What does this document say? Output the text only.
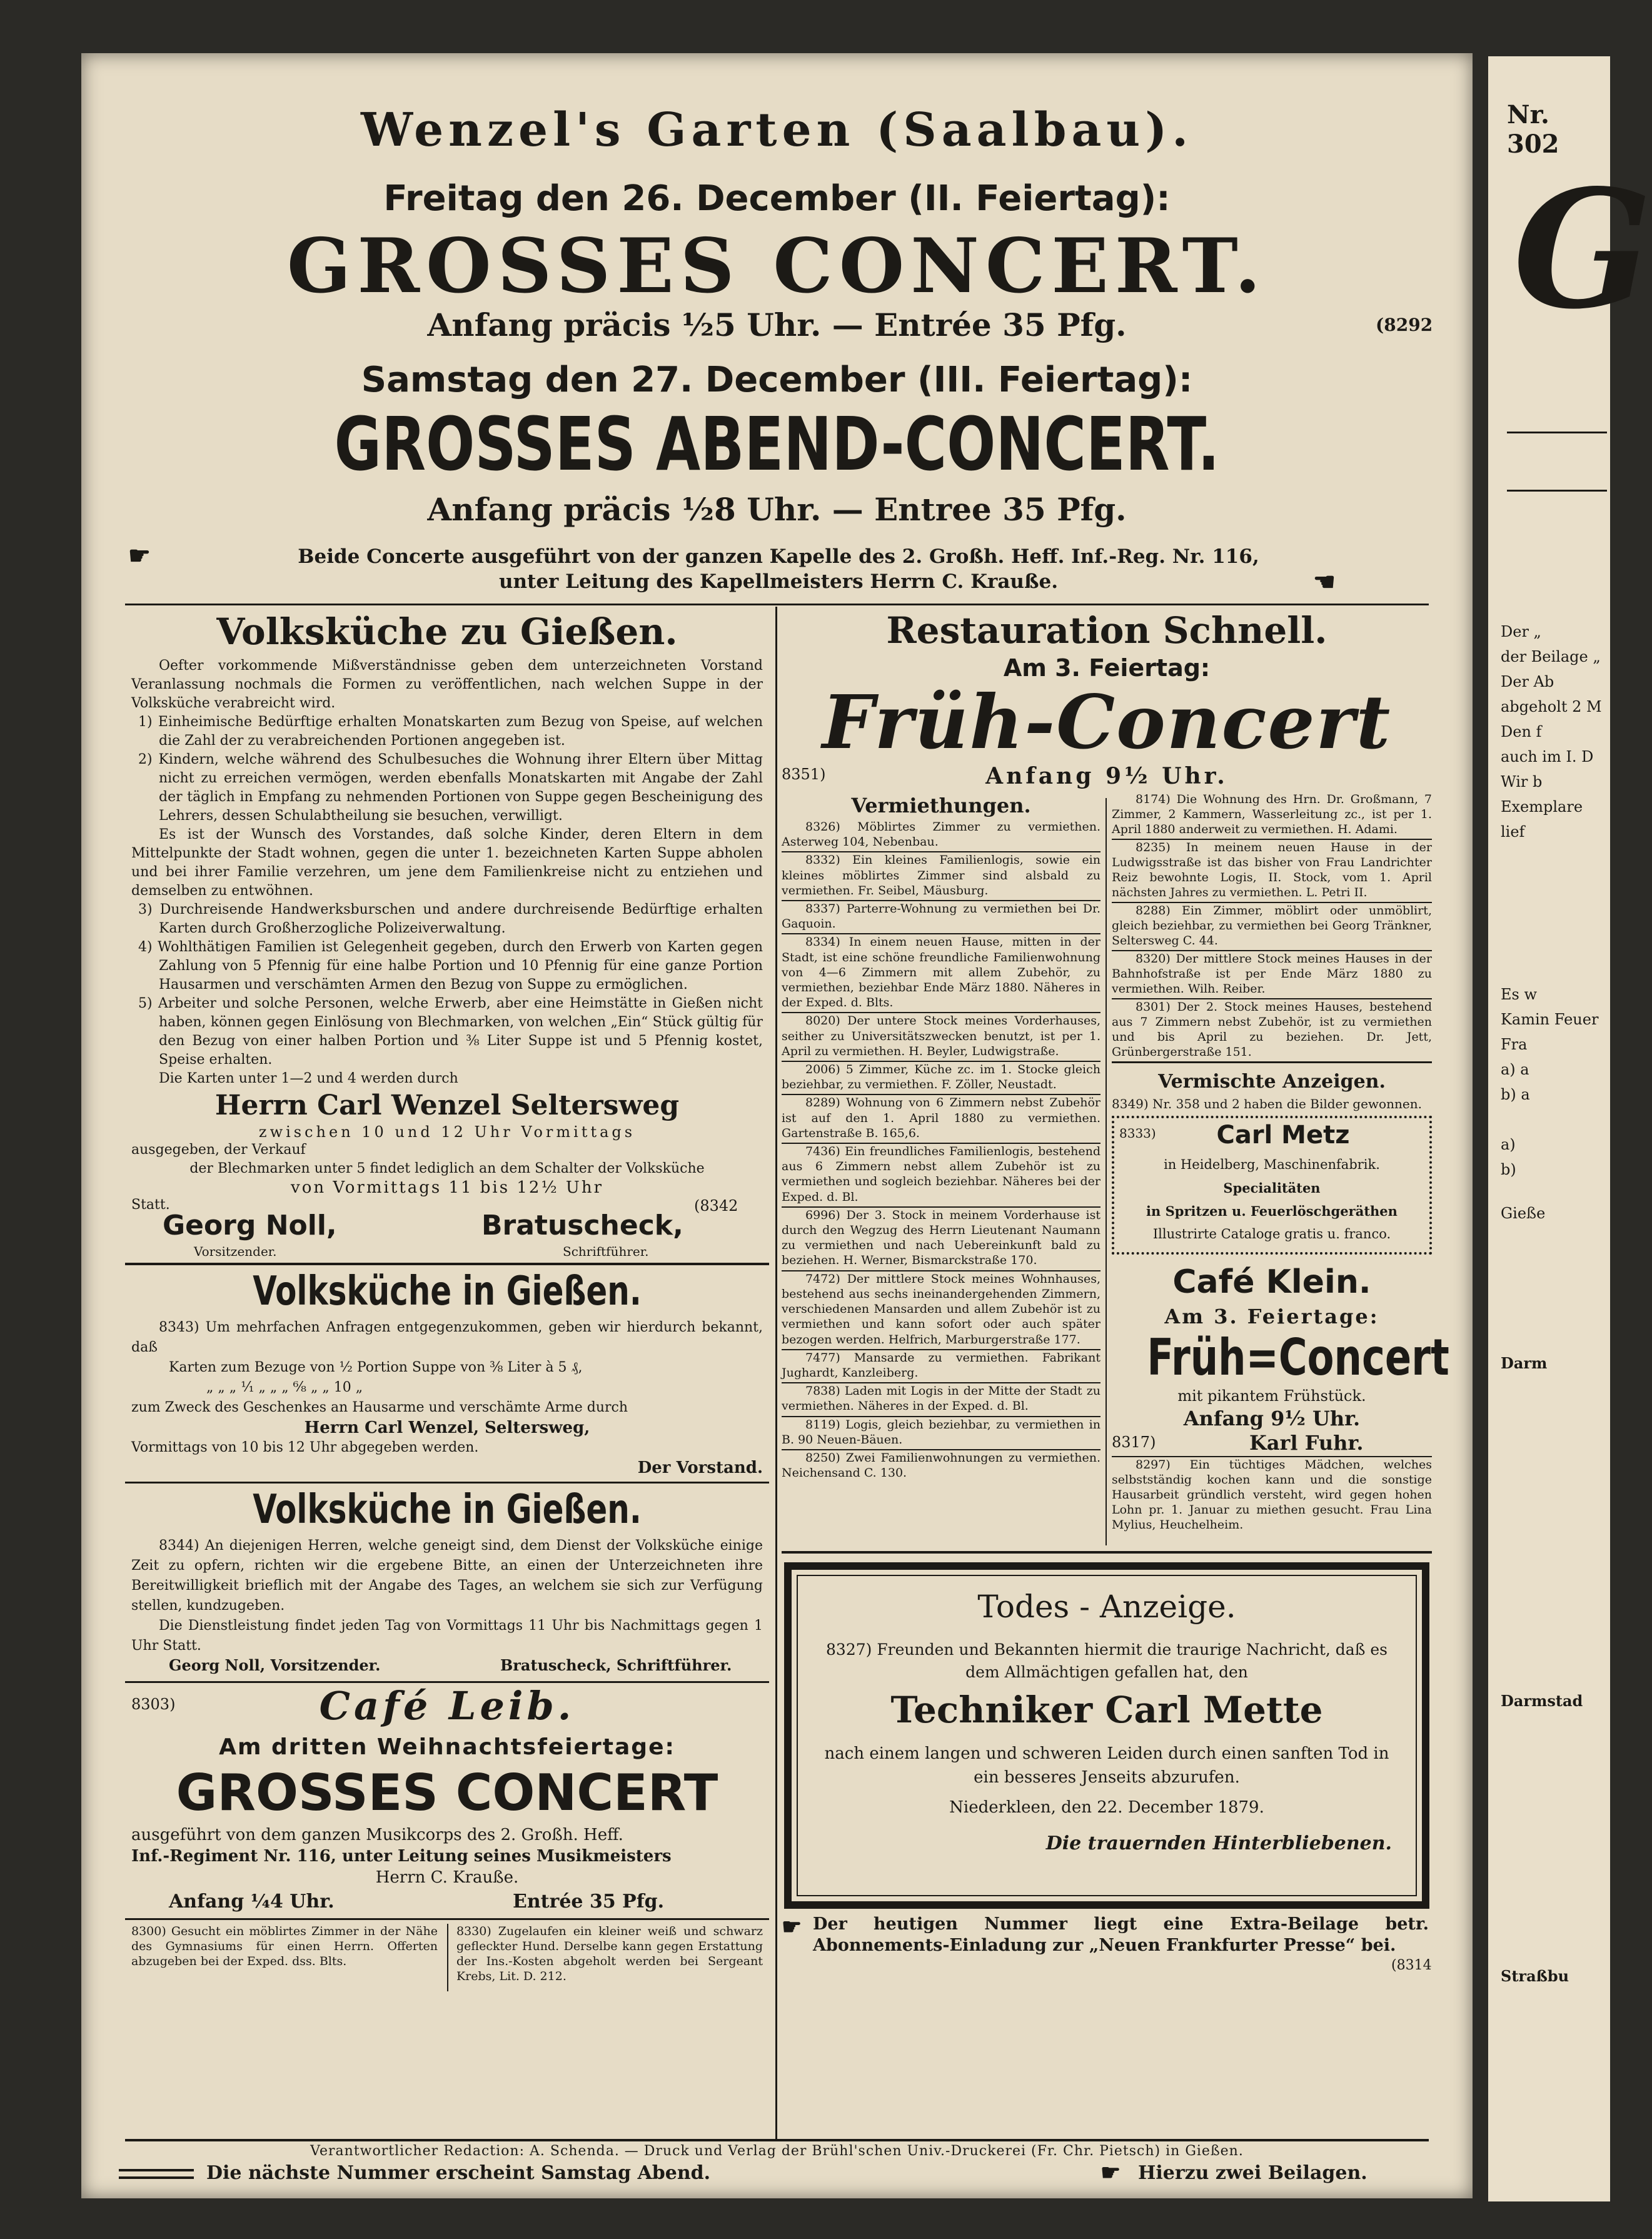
Nr. 302
G
Der „
der Beilage „
Der Ab
abgeholt 2 M
Den f
auch im I. D
Wir b
Exemplare lief
Es w
Kamin Feuer Fra
a) a
b) a
a)
b)
Gieße
Darm
Darmstad
Straßbu
Wenzel's Garten (Saalbau).
Freitag den 26. December (II. Feiertag):
GROSSES CONCERT.
Anfang präcis ½5 Uhr. — Entrée 35 Pfg.	(8292
Samstag den 27. December (III. Feiertag):
GROSSES ABEND-CONCERT.
Anfang präcis ½8 Uhr. — Entree 35 Pfg.
Beide Concerte ausgeführt von der ganzen Kapelle des 2. Großh. Heff. Inf.-Reg. Nr. 116,
unter Leitung des Kapellmeisters Herrn C. Krauße.
☛
☚
Volksküche zu Gießen.

Oefter vorkommende Mißverständnisse geben dem unterzeichneten Vorstand Veranlassung nochmals die Formen zu veröffentlichen, nach welchen Suppe in der Volksküche verabreicht wird.

1) Einheimische Bedürftige erhalten Monatskarten zum Bezug von Speise, auf welchen die Zahl der zu verabreichenden Portionen angegeben ist.

2) Kindern, welche während des Schulbesuches die Wohnung ihrer Eltern über Mittag nicht zu erreichen vermögen, werden ebenfalls Monatskarten mit Angabe der Zahl der täglich in Empfang zu nehmenden Portionen von Suppe gegen Bescheinigung des Lehrers, dessen Schulabtheilung sie besuchen, verwilligt.

Es ist der Wunsch des Vorstandes, daß solche Kinder, deren Eltern in dem Mittelpunkte der Stadt wohnen, gegen die unter 1. bezeichneten Karten Suppe abholen und bei ihrer Familie verzehren, um jene dem Familienkreise nicht zu entziehen und demselben zu entwöhnen.

3) Durchreisende Handwerksburschen und andere durchreisende Bedürftige erhalten Karten durch Großherzogliche Polizeiverwaltung.

4) Wohlthätigen Familien ist Gelegenheit gegeben, durch den Erwerb von Karten gegen Zahlung von 5 Pfennig für eine halbe Portion und 10 Pfennig für eine ganze Portion Hausarmen und verschämten Armen den Bezug von Suppe zu ermöglichen.

5) Arbeiter und solche Personen, welche Erwerb, aber eine Heimstätte in Gießen nicht haben, können gegen Einlösung von Blechmarken, von welchen „Ein“ Stück gültig für den Bezug von einer halben Portion und ⅜ Liter Suppe ist und 5 Pfennig kostet, Speise erhalten.

Die Karten unter 1—2 und 4 werden durch

Herrn Carl Wenzel Seltersweg
zwischen 10 und 12 Uhr Vormittags
ausgegeben, der Verkauf
der Blechmarken unter 5 findet lediglich an dem Schalter der Volksküche
von Vormittags 11 bis 12½ Uhr
Statt.	(8342
Georg Noll,
Vorsitzender.
Bratuscheck,
Schriftführer.
Volksküche in Gießen.

8343) Um mehrfachen Anfragen entgegenzukommen, geben wir hierdurch bekannt, daß

Karten zum Bezuge von ½ Portion Suppe von ⅜ Liter à 5 ₰,

„ „ „ ¹⁄₁ „ „ „ ⁶⁄₈ „ „ 10 „

zum Zweck des Geschenkes an Hausarme und verschämte Arme durch

Herrn Carl Wenzel, Seltersweg,

Vormittags von 10 bis 12 Uhr abgegeben werden.

Der Vorstand.

Volksküche in Gießen.

8344) An diejenigen Herren, welche geneigt sind, dem Dienst der Volksküche einige Zeit zu opfern, richten wir die ergebene Bitte, an einen der Unterzeichneten ihre Bereitwilligkeit brieflich mit der Angabe des Tages, an welchem sie sich zur Verfügung stellen, kundzugeben.

Die Dienstleistung findet jeden Tag von Vormittags 11 Uhr bis Nachmittags gegen 1 Uhr Statt.

Georg Noll, Vorsitzender.	Bratuscheck, Schriftführer.
8303)	Café Leib.
Am dritten Weihnachtsfeiertage:
GROSSES CONCERT
ausgeführt von dem ganzen Musikcorps des 2. Großh. Heff.
Inf.-Regiment Nr. 116, unter Leitung seines Musikmeisters
Herrn C. Krauße.
Anfang ¼4 Uhr.	Entrée 35 Pfg.
8300) Gesucht ein möblirtes Zimmer in der Nähe des Gymnasiums für einen Herrn. Offerten abzugeben bei der Exped. dss. Blts.
8330) Zugelaufen ein kleiner weiß und schwarz gefleckter Hund. Derselbe kann gegen Erstattung der Ins.-Kosten abgeholt werden bei Sergeant Krebs, Lit. D. 212.
Restauration Schnell.
Am 3. Feiertag:
Früh-Concert
8351)	Anfang 9½ Uhr.
Vermiethungen.

8326) Möblirtes Zimmer zu vermiethen. Asterweg 104, Nebenbau.

8332) Ein kleines Familienlogis, sowie ein kleines möblirtes Zimmer sind alsbald zu vermiethen. Fr. Seibel, Mäusburg.

8337) Parterre-Wohnung zu vermiethen bei Dr. Gaquoin.

8334) In einem neuen Hause, mitten in der Stadt, ist eine schöne freundliche Familienwohnung von 4—6 Zimmern mit allem Zubehör, zu vermiethen, beziehbar Ende März 1880. Näheres in der Exped. d. Blts.

8020) Der untere Stock meines Vorderhauses, seither zu Universitätszwecken benutzt, ist per 1. April zu vermiethen. H. Beyler, Ludwigstraße.

2006) 5 Zimmer, Küche zc. im 1. Stocke gleich beziehbar, zu vermiethen. F. Zöller, Neustadt.

8289) Wohnung von 6 Zimmern nebst Zubehör ist auf den 1. April 1880 zu vermiethen. Gartenstraße B. 165,6.

7436) Ein freundliches Familienlogis, bestehend aus 6 Zimmern nebst allem Zubehör ist zu vermiethen und sogleich beziehbar. Näheres bei der Exped. d. Bl.

6996) Der 3. Stock in meinem Vorderhause ist durch den Wegzug des Herrn Lieutenant Naumann zu vermiethen und nach Uebereinkunft bald zu beziehen. H. Werner, Bismarckstraße 170.

7472) Der mittlere Stock meines Wohnhauses, bestehend aus sechs ineinandergehenden Zimmern, verschiedenen Mansarden und allem Zubehör ist zu vermiethen und kann sofort oder auch später bezogen werden. Helfrich, Marburgerstraße 177.

7477) Mansarde zu vermiethen. Fabrikant Jughardt, Kanzleiberg.

7838) Laden mit Logis in der Mitte der Stadt zu vermiethen. Näheres in der Exped. d. Bl.

8119) Logis, gleich beziehbar, zu vermiethen in B. 90 Neuen-Bäuen.

8250) Zwei Familienwohnungen zu vermiethen. Neichensand C. 130.

8174) Die Wohnung des Hrn. Dr. Großmann, 7 Zimmer, 2 Kammern, Wasserleitung zc., ist per 1. April 1880 anderweit zu vermiethen. H. Adami.

8235) In meinem neuen Hause in der Ludwigsstraße ist das bisher von Frau Landrichter Reiz bewohnte Logis, II. Stock, vom 1. April nächsten Jahres zu vermiethen. L. Petri II.

8288) Ein Zimmer, möblirt oder unmöblirt, gleich beziehbar, zu vermiethen bei Georg Tränkner, Seltersweg C. 44.

8320) Der mittlere Stock meines Hauses in der Bahnhofstraße ist per Ende März 1880 zu vermiethen. Wilh. Reiber.

8301) Der 2. Stock meines Hauses, bestehend aus 7 Zimmern nebst Zubehör, ist zu vermiethen und bis April zu beziehen. Dr. Jett, Grünbergerstraße 151.

Vermischte Anzeigen.
8349) Nr. 358 und 2 haben die Bilder gewonnen.
8333)	Carl Metz
in Heidelberg, Maschinenfabrik.
Specialitäten
in Spritzen u. Feuerlöschgeräthen
Illustrirte Cataloge gratis u. franco.
Café Klein.
Am 3. Feiertage:
Früh=Concert
mit pikantem Frühstück.
Anfang 9½ Uhr.
8317)	Karl Fuhr.
8297) Ein tüchtiges Mädchen, welches selbstständig kochen kann und die sonstige Hausarbeit gründlich versteht, wird gegen hohen Lohn pr. 1. Januar zu miethen gesucht. Frau Lina Mylius, Heuchelheim.
Todes - Anzeige.
8327) Freunden und Bekannten hiermit die traurige Nachricht, daß es dem Allmächtigen gefallen hat, den
Techniker Carl Mette
nach einem langen und schweren Leiden durch einen sanften Tod in ein besseres Jenseits abzurufen.
Niederkleen, den 22. December 1879.
Die trauernden Hinterbliebenen.
☛ Der heutigen Nummer liegt eine Extra-Beilage betr. Abonnements-Einladung zur „Neuen Frankfurter Presse“ bei.
(8314
Verantwortlicher Redaction: A. Schenda. — Druck und Verlag der Brühl'schen Univ.-Druckerei (Fr. Chr. Pietsch) in Gießen.
Die nächste Nummer erscheint Samstag Abend.	Hierzu zwei Beilagen.
☛
